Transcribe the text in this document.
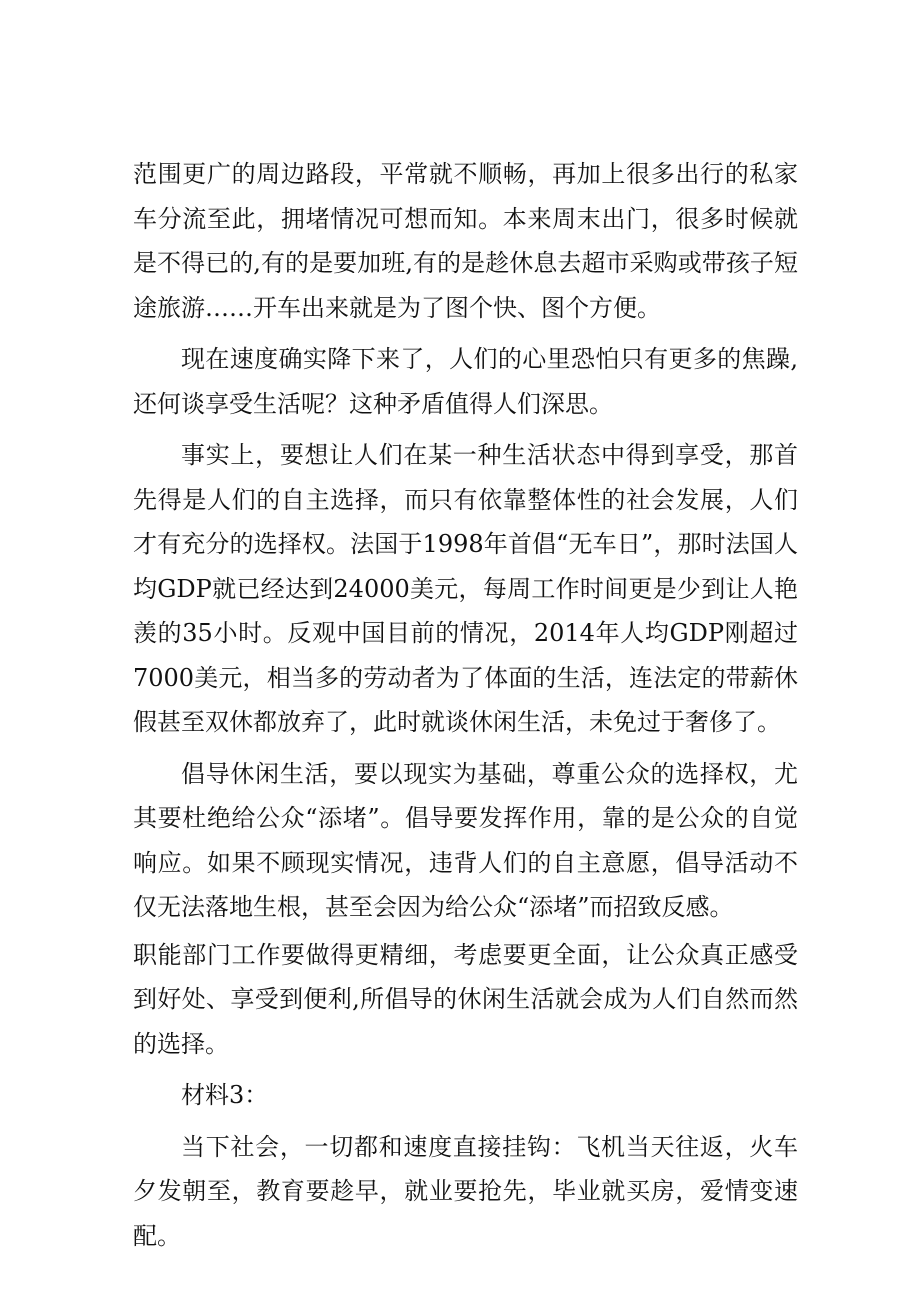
范围更广的周边路段，平常就不顺畅，再加上很多出行的私家车分流至此，拥堵情况可想而知。本来周末出门，很多时候就是不得已的,有的是要加班,有的是趁休息去超市采购或带孩子短途旅游……开车出来就是为了图个快、图个方便。

现在速度确实降下来了，人们的心里恐怕只有更多的焦躁,还何谈享受生活呢？这种矛盾值得人们深思。

事实上，要想让人们在某一种生活状态中得到享受，那首先得是人们的自主选择，而只有依靠整体性的社会发展，人们才有充分的选择权。法国于1998年首倡“无车日”，那时法国人均GDP就已经达到24000美元，每周工作时间更是少到让人艳羡的35小时。反观中国目前的情况，2014年人均GDP刚超过7000美元，相当多的劳动者为了体面的生活，连法定的带薪休假甚至双休都放弃了，此时就谈休闲生活，未免过于奢侈了。

倡导休闲生活，要以现实为基础，尊重公众的选择权，尤其要杜绝给公众“添堵”。倡导要发挥作用，靠的是公众的自觉响应。如果不顾现实情况，违背人们的自主意愿，倡导活动不仅无法落地生根，甚至会因为给公众“添堵”而招致反感。

职能部门工作要做得更精细，考虑要更全面，让公众真正感受到好处、享受到便利,所倡导的休闲生活就会成为人们自然而然的选择。

材料3：

当下社会，一切都和速度直接挂钩：飞机当天往返，火车夕发朝至，教育要趁早，就业要抢先，毕业就买房，爱情变速配。
